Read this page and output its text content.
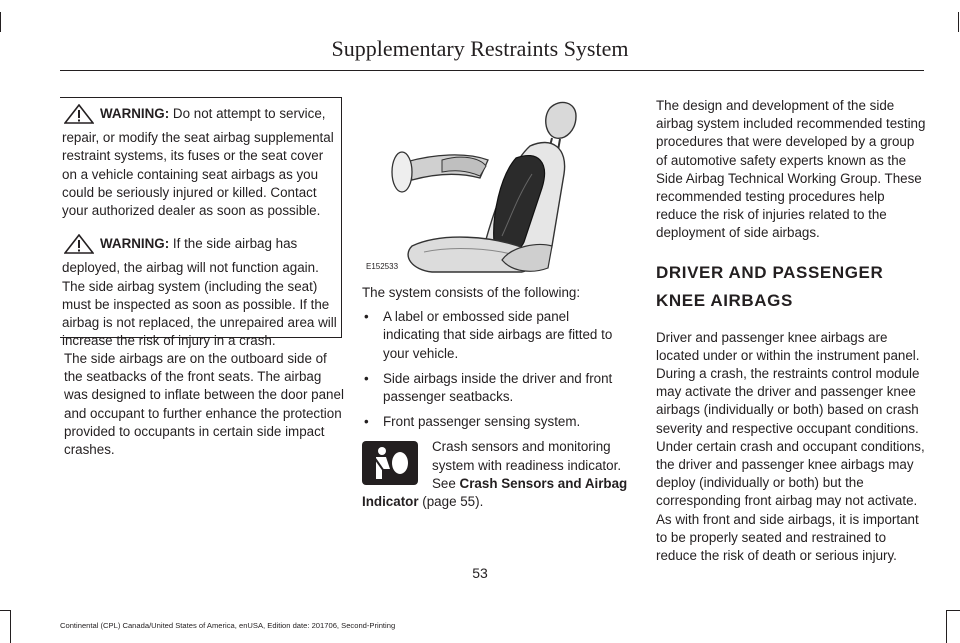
Supplementary Restraints System

WARNING: Do not attempt to service, repair, or modify the seat airbag supplemental restraint systems, its fuses or the seat cover on a vehicle containing seat airbags as you could be seriously injured or killed. Contact your authorized dealer as soon as possible.

WARNING: If the side airbag has deployed, the airbag will not function again. The side airbag system (including the seat) must be inspected as soon as possible. If the airbag is not replaced, the unrepaired area will increase the risk of injury in a crash.

The side airbags are on the outboard side of the seatbacks of the front seats. The airbag was designed to inflate between the door panel and occupant to further enhance the protection provided to occupants in certain side impact crashes.

E152533

The system consists of the following:

• A label or embossed side panel indicating that side airbags are fitted to your vehicle.
• Side airbags inside the driver and front passenger seatbacks.
• Front passenger sensing system.
Crash sensors and monitoring system with readiness indicator. See Crash Sensors and Airbag Indicator (page 55).

The design and development of the side airbag system included recommended testing procedures that were developed by a group of automotive safety experts known as the Side Airbag Technical Working Group. These recommended testing procedures help reduce the risk of injuries related to the deployment of side airbags.

DRIVER AND PASSENGER KNEE AIRBAGS

Driver and passenger knee airbags are located under or within the instrument panel. During a crash, the restraints control module may activate the driver and passenger knee airbags (individually or both) based on crash severity and respective occupant conditions. Under certain crash and occupant conditions, the driver and passenger knee airbags may deploy (individually or both) but the corresponding front airbag may not activate. As with front and side airbags, it is important to be properly seated and restrained to reduce the risk of death or serious injury.

53
Continental (CPL) Canada/United States of America, enUSA, Edition date: 201706, Second-Printing
